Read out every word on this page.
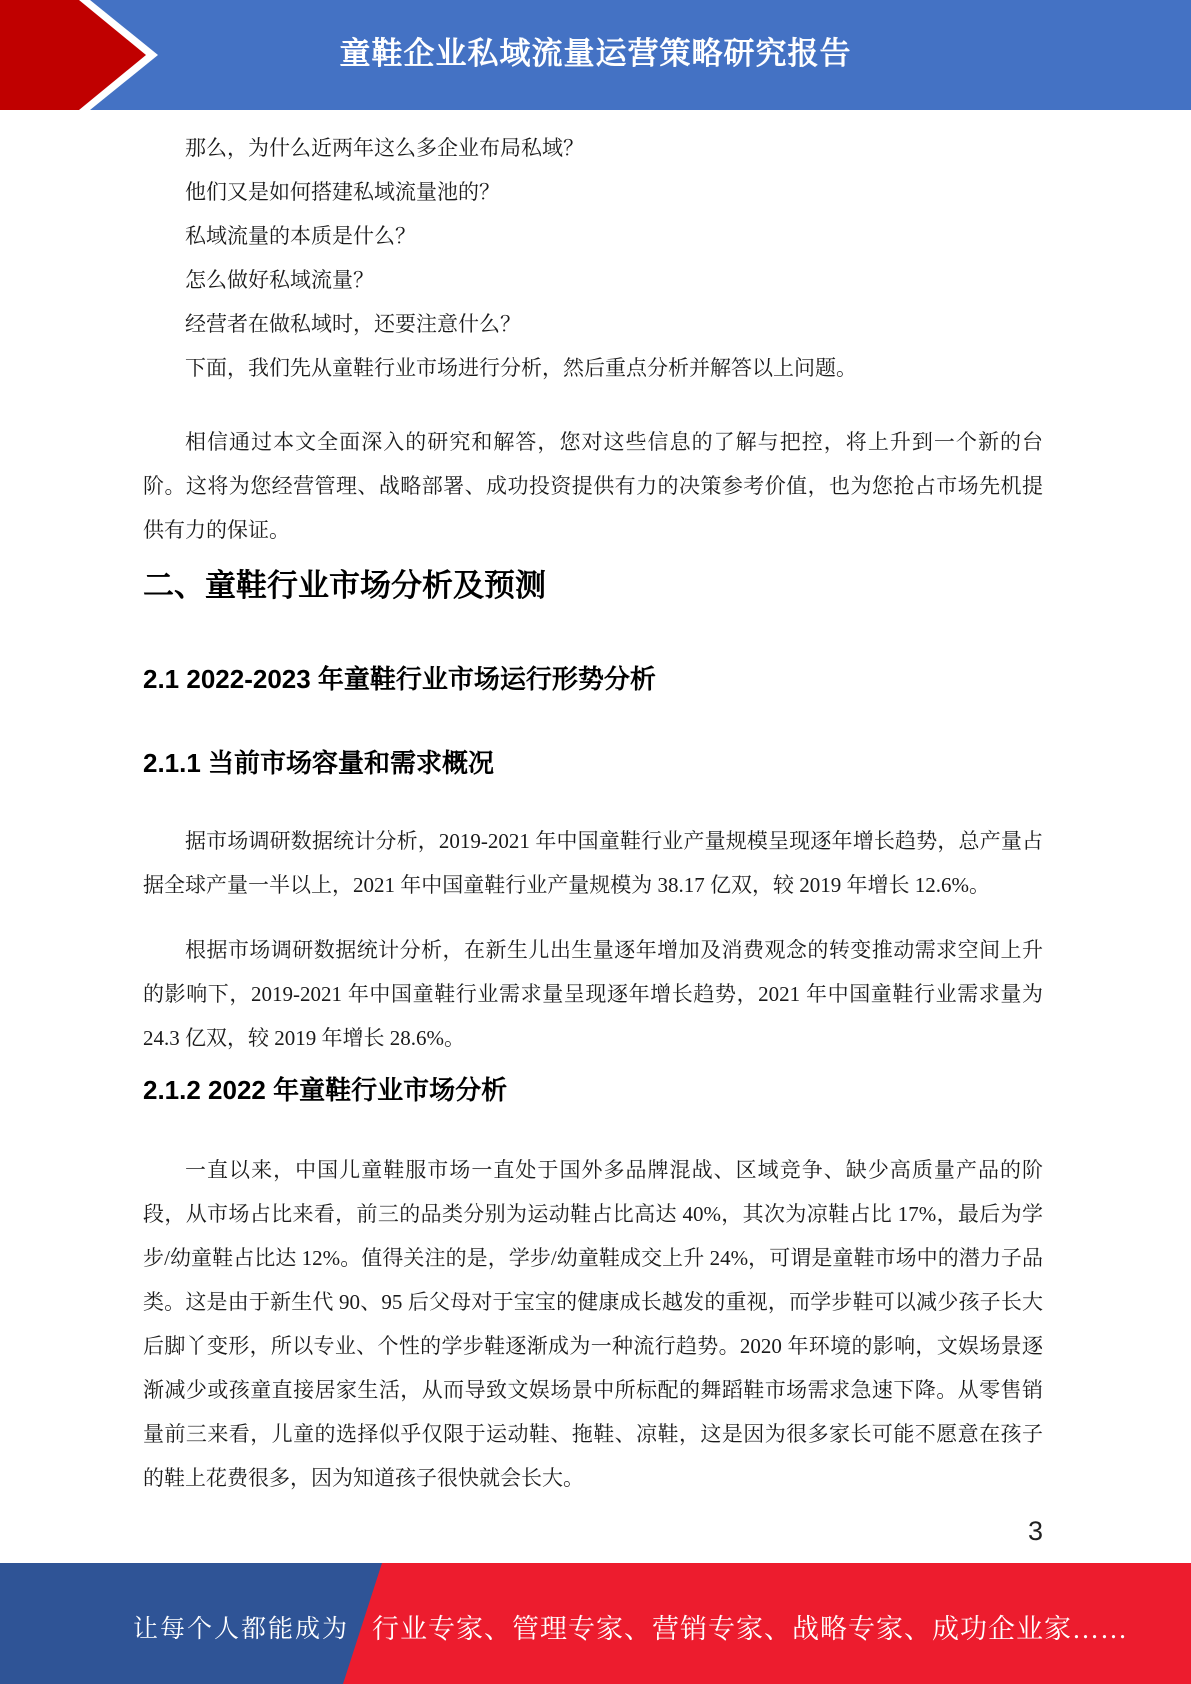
童鞋企业私域流量运营策略研究报告

那么，为什么近两年这么多企业布局私域？

他们又是如何搭建私域流量池的？

私域流量的本质是什么？

怎么做好私域流量？

经营者在做私域时，还要注意什么？

下面，我们先从童鞋行业市场进行分析，然后重点分析并解答以上问题。

相信通过本文全面深入的研究和解答，您对这些信息的了解与把控，将上升到一个新的台阶。这将为您经营管理、战略部署、成功投资提供有力的决策参考价值，也为您抢占市场先机提供有力的保证。

二、童鞋行业市场分析及预测
2.1 2022-2023 年童鞋行业市场运行形势分析
2.1.1 当前市场容量和需求概况

据市场调研数据统计分析，2019-2021 年中国童鞋行业产量规模呈现逐年增长趋势，总产量占据全球产量一半以上，2021 年中国童鞋行业产量规模为 38.17 亿双，较 2019 年增长 12.6%。

根据市场调研数据统计分析，在新生儿出生量逐年增加及消费观念的转变推动需求空间上升的影响下，2019-2021 年中国童鞋行业需求量呈现逐年增长趋势，2021 年中国童鞋行业需求量为 24.3 亿双，较 2019 年增长 28.6%。

2.1.2 2022 年童鞋行业市场分析

一直以来，中国儿童鞋服市场一直处于国外多品牌混战、区域竞争、缺少高质量产品的阶段，从市场占比来看，前三的品类分别为运动鞋占比高达 40%，其次为凉鞋占比 17%，最后为学步/幼童鞋占比达 12%。值得关注的是，学步/幼童鞋成交上升 24%，可谓是童鞋市场中的潜力子品类。这是由于新生代 90、95 后父母对于宝宝的健康成长越发的重视，而学步鞋可以减少孩子长大后脚丫变形，所以专业、个性的学步鞋逐渐成为一种流行趋势。2020 年环境的影响，文娱场景逐渐减少或孩童直接居家生活，从而导致文娱场景中所标配的舞蹈鞋市场需求急速下降。从零售销量前三来看，儿童的选择似乎仅限于运动鞋、拖鞋、凉鞋，这是因为很多家长可能不愿意在孩子的鞋上花费很多，因为知道孩子很快就会长大。

3
让每个人都能成为 行业专家、管理专家、营销专家、战略专家、成功企业家……
